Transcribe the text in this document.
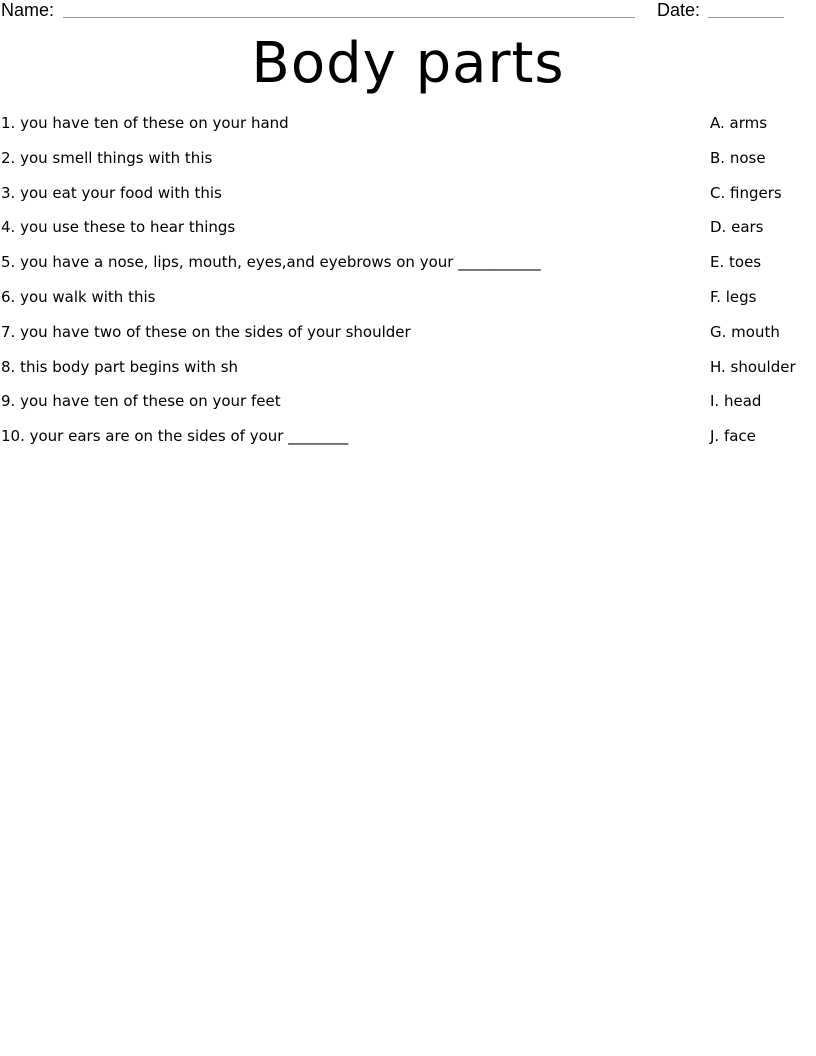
Name:	Date:
Body parts
1. you have ten of these on your hand	A. arms
2. you smell things with this	B. nose
3. you eat your food with this	C. fingers
4. you use these to hear things	D. ears
5. you have a nose, lips, mouth, eyes,and eyebrows on your ___________	E. toes
6. you walk with this	F. legs
7. you have two of these on the sides of your shoulder	G. mouth
8. this body part begins with sh	H. shoulder
9. you have ten of these on your feet	I. head
10. your ears are on the sides of your ________	J. face
